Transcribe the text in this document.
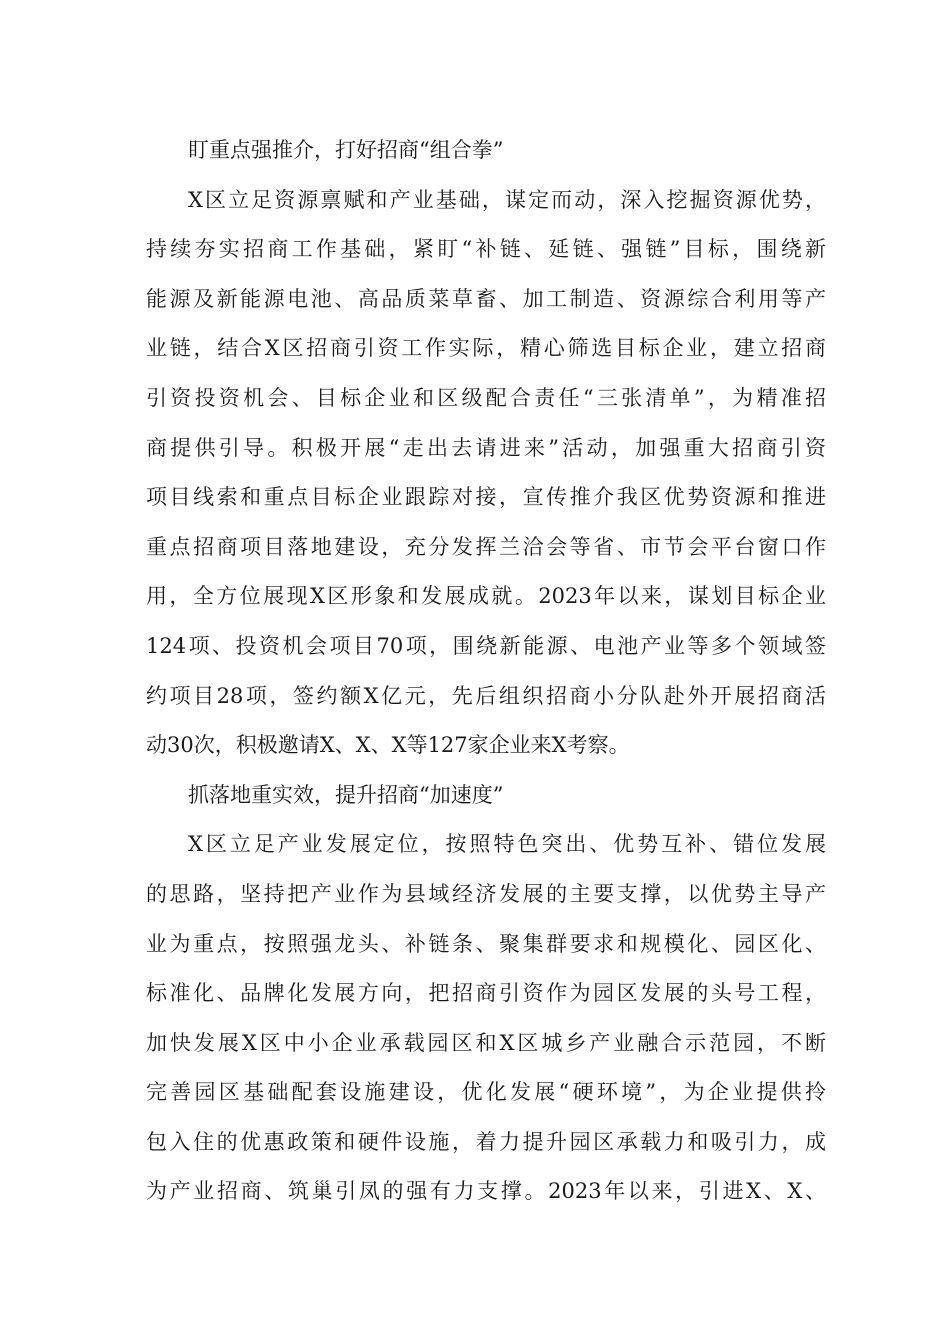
盯重点强推介，打好招商“组合拳”

X区立足资源禀赋和产业基础，谋定而动，深入挖掘资源优势，
持续夯实招商工作基础，紧盯“补链、延链、强链”目标，围绕新
能源及新能源电池、高品质菜草畜、加工制造、资源综合利用等产
业链，结合X区招商引资工作实际，精心筛选目标企业，建立招商
引资投资机会、目标企业和区级配合责任“三张清单”，为精准招
商提供引导。积极开展“走出去请进来”活动，加强重大招商引资
项目线索和重点目标企业跟踪对接，宣传推介我区优势资源和推进
重点招商项目落地建设，充分发挥兰洽会等省、市节会平台窗口作
用，全方位展现X区形象和发展成就。2023年以来，谋划目标企业
124项、投资机会项目70项，围绕新能源、电池产业等多个领域签
约项目28项，签约额X亿元，先后组织招商小分队赴外开展招商活
动30次，积极邀请X、X、X等127家企业来X考察。

抓落地重实效，提升招商“加速度”

X区立足产业发展定位，按照特色突出、优势互补、错位发展
的思路，坚持把产业作为县域经济发展的主要支撑，以优势主导产
业为重点，按照强龙头、补链条、聚集群要求和规模化、园区化、
标准化、品牌化发展方向，把招商引资作为园区发展的头号工程，
加快发展X区中小企业承载园区和X区城乡产业融合示范园，不断
完善园区基础配套设施建设，优化发展“硬环境”，为企业提供拎
包入住的优惠政策和硬件设施，着力提升园区承载力和吸引力，成
为产业招商、筑巢引凤的强有力支撑。2023年以来，引进X、X、
